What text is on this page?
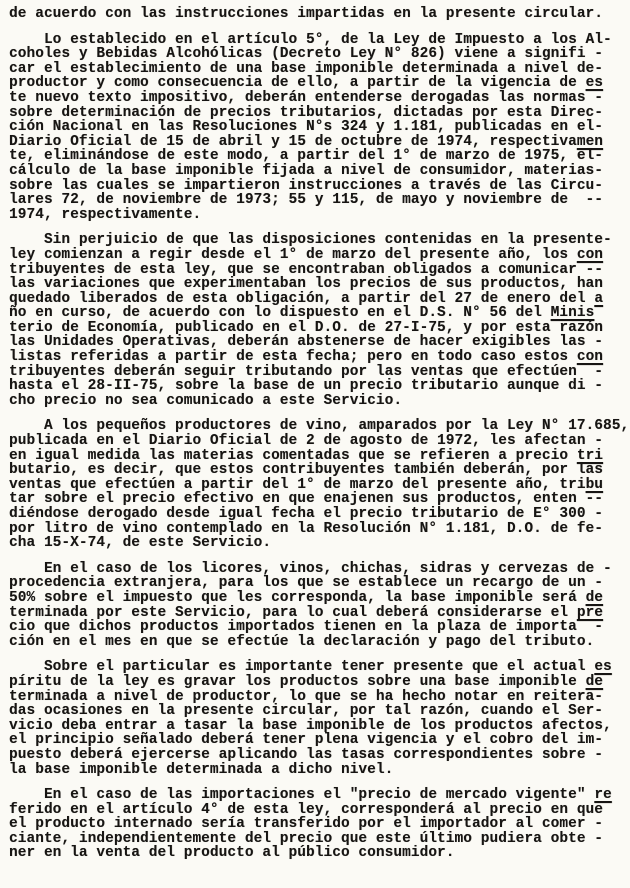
de acuerdo con las instrucciones impartidas en la presente circular.
Lo establecido en el artículo 5°, de la Ley de Impuesto a los Al-
coholes y Bebidas Alcohólicas (Decreto Ley N° 826) viene a signifi -
car el establecimiento de una base imponible determinada a nivel de-
productor y como consecuencia de ello, a partir de la vigencia de es
te nuevo texto impositivo, deberán entenderse derogadas las normas -
sobre determinación de precios tributarios, dictadas por esta Direc-
ción Nacional en las Resoluciones N°s 324 y 1.181, publicadas en el-
Diario Oficial de 15 de abril y 15 de octubre de 1974, respectivamen
te, eliminándose de este modo, a partir del 1° de marzo de 1975, el-
cálculo de la base imponible fijada a nivel de consumidor, materias-
sobre las cuales se impartieron instrucciones a través de las Circu-
lares 72, de noviembre de 1973; 55 y 115, de mayo y noviembre de  --
1974, respectivamente.
Sin perjuicio de que las disposiciones contenidas en la presente-
ley comienzan a regir desde el 1° de marzo del presente año, los con
tribuyentes de esta ley, que se encontraban obligados a comunicar --
las variaciones que experimentaban los precios de sus productos, han
quedado liberados de esta obligación, a partir del 27 de enero del a
ño en curso, de acuerdo con lo dispuesto en el D.S. N° 56 del Minis
terio de Economía, publicado en el D.O. de 27-I-75, y por esta razón
las Unidades Operativas, deberán abstenerse de hacer exigibles las -
listas referidas a partir de esta fecha; pero en todo caso estos con
tribuyentes deberán seguir tributando por las ventas que efectúen  -
hasta el 28-II-75, sobre la base de un precio tributario aunque di -
cho precio no sea comunicado a este Servicio.
A los pequeños productores de vino, amparados por la Ley N° 17.685,
publicada en el Diario Oficial de 2 de agosto de 1972, les afectan -
en igual medida las materias comentadas que se refieren a precio tri
butario, es decir, que estos contribuyentes también deberán, por las
ventas que efectúen a partir del 1° de marzo del presente año, tribu
tar sobre el precio efectivo en que enajenen sus productos, enten --
diéndose derogado desde igual fecha el precio tributario de E° 300 -
por litro de vino contemplado en la Resolución N° 1.181, D.O. de fe-
cha 15-X-74, de este Servicio.
En el caso de los licores, vinos, chichas, sidras y cervezas de -
procedencia extranjera, para los que se establece un recargo de un -
50% sobre el impuesto que les corresponda, la base imponible será de
terminada por este Servicio, para lo cual deberá considerarse el pre
cio que dichos productos importados tienen en la plaza de importa  -
ción en el mes en que se efectúe la declaración y pago del tributo.
Sobre el particular es importante tener presente que el actual es
píritu de la ley es gravar los productos sobre una base imponible de
terminada a nivel de productor, lo que se ha hecho notar en reitera-
das ocasiones en la presente circular, por tal razón, cuando el Ser-
vicio deba entrar a tasar la base imponible de los productos afectos,
el principio señalado deberá tener plena vigencia y el cobro del im-
puesto deberá ejercerse aplicando las tasas correspondientes sobre -
la base imponible determinada a dicho nivel.
En el caso de las importaciones el "precio de mercado vigente" re
ferido en el artículo 4° de esta ley, corresponderá al precio en que
el producto internado sería transferido por el importador al comer -
ciante, independientemente del precio que este último pudiera obte -
ner en la venta del producto al público consumidor.
